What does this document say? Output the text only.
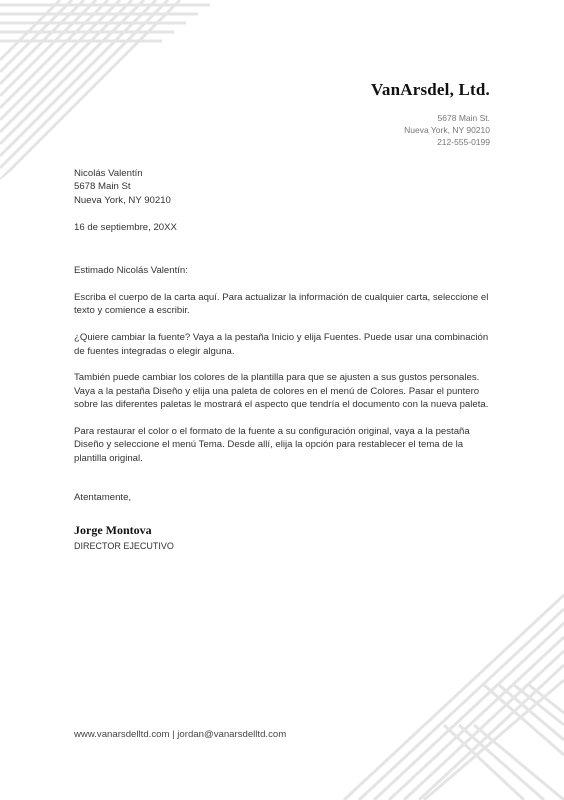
VanArsdel, Ltd.
5678 Main St.
Nueva York, NY 90210
212-555-0199
Nicolás Valentín
5678 Main St
Nueva York, NY 90210
16 de septiembre, 20XX
Estimado Nicolás Valentín:

Escriba el cuerpo de la carta aquí. Para actualizar la información de cualquier carta, seleccione el texto y comience a escribir.

¿Quiere cambiar la fuente? Vaya a la pestaña Inicio y elija Fuentes. Puede usar una combinación de fuentes integradas o elegir alguna.

También puede cambiar los colores de la plantilla para que se ajusten a sus gustos personales. Vaya a la pestaña Diseño y elija una paleta de colores en el menú de Colores. Pasar el puntero sobre las diferentes paletas le mostrará el aspecto que tendría el documento con la nueva paleta.

Para restaurar el color o el formato de la fuente a su configuración original, vaya a la pestaña Diseño y seleccione el menú Tema. Desde allí, elija la opción para restablecer el tema de la plantilla original.

Atentamente,
Jorge Montova
DIRECTOR EJECUTIVO
www.vanarsdelltd.com | jordan@vanarsdelltd.com
